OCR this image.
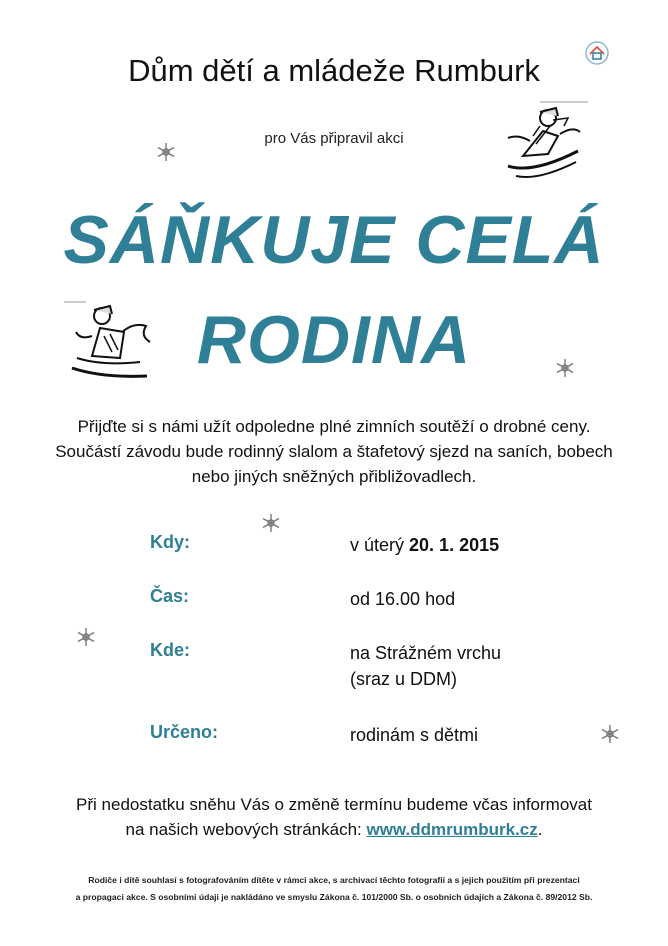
Dům dětí a mládeže Rumburk
pro Vás připravil akci
SÁŇKUJE CELÁ
RODINA
Přijďte si s námi užít odpoledne plné zimních soutěží o drobné ceny.
Součástí závodu bude rodinný slalom a štafetový sjezd na saních, bobech
nebo jiných sněžných přibližovadlech.
Kdy:	v úterý 20. 1. 2015
Čas:	od 16.00 hod
Kde:	na Strážném vrchu
(sraz u DDM)
Určeno:	rodinám s dětmi
Při nedostatku sněhu Vás o změně termínu budeme včas informovat
na našich webových stránkách: www.ddmrumburk.cz.
Rodiče i dítě souhlasí s fotografováním dítěte v rámci akce, s archivací těchto fotografií a s jejich použitím při prezentaci
a propagaci akce. S osobními údaji je nakládáno ve smyslu Zákona č. 101/2000 Sb. o osobních údajích a Zákona č. 89/2012 Sb.
